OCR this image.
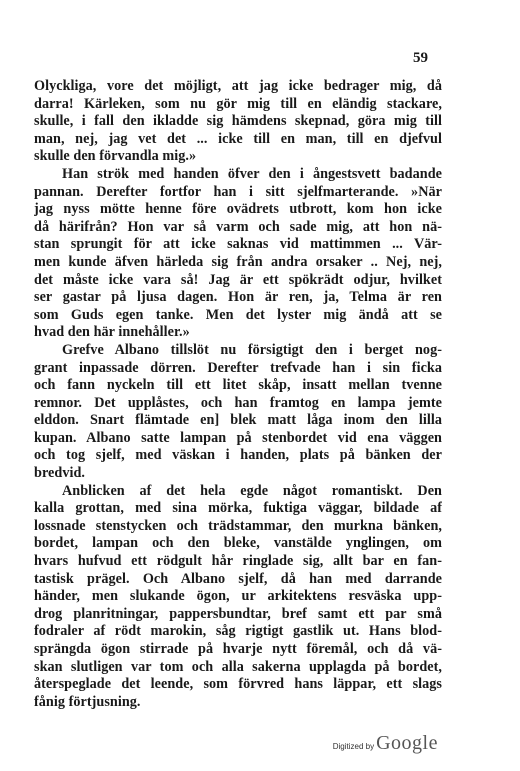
59
Olyckliga, vore det möjligt, att jag icke bedrager mig, då
darra! Kärleken, som nu gör mig till en eländig stackare,
skulle, i fall den ikladde sig hämdens skepnad, göra mig till
man, nej, jag vet det ... icke till en man, till en djefvul
skulle den förvandla mig.»
Han strök med handen öfver den i ångestsvett badande
pannan. Derefter fortfor han i sitt sjelfmarterande. »När
jag nyss mötte henne före ovädrets utbrott, kom hon icke
då härifrån? Hon var så varm och sade mig, att hon nä-
stan sprungit för att icke saknas vid mattimmen ... Vär-
men kunde äfven härleda sig från andra orsaker .. Nej, nej,
det måste icke vara så! Jag är ett spökrädt odjur, hvilket
ser gastar på ljusa dagen. Hon är ren, ja, Telma är ren
som Guds egen tanke. Men det lyster mig ändå att se
hvad den här innehåller.»
Grefve Albano tillslöt nu försigtigt den i berget nog-
grant inpassade dörren. Derefter trefvade han i sin ficka
och fann nyckeln till ett litet skåp, insatt mellan tvenne
remnor. Det upplåstes, och han framtog en lampa jemte
elddon. Snart flämtade en] blek matt låga inom den lilla
kupan. Albano satte lampan på stenbordet vid ena väggen
och tog sjelf, med väskan i handen, plats på bänken der
bredvid.
Anblicken af det hela egde något romantiskt. Den
kalla grottan, med sina mörka, fuktiga väggar, bildade af
lossnade stenstycken och trädstammar, den murkna bänken,
bordet, lampan och den bleke, vanstälde ynglingen, om
hvars hufvud ett rödgult hår ringlade sig, allt bar en fan-
tastisk prägel. Och Albano sjelf, då han med darrande
händer, men slukande ögon, ur arkitektens resväska upp-
drog planritningar, pappersbundtar, bref samt ett par små
fodraler af rödt marokin, såg rigtigt gastlik ut. Hans blod-
sprängda ögon stirrade på hvarje nytt föremål, och då vä-
skan slutligen var tom och alla sakerna upplagda på bordet,
återspeglade det leende, som förvred hans läppar, ett slags
fånig förtjusning.
Digitized by Google
